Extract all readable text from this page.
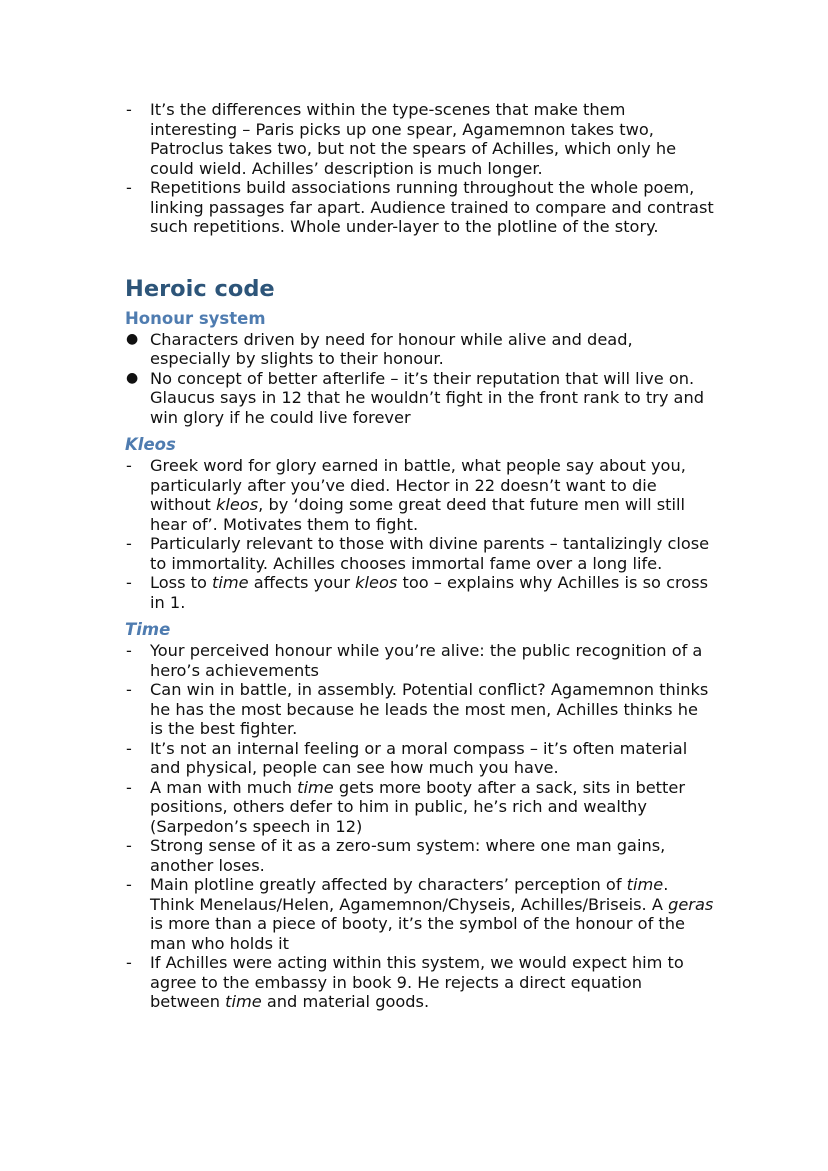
-	It’s the differences within the type-scenes that make them interesting – Paris picks up one spear, Agamemnon takes two, Patroclus takes two, but not the spears of Achilles, which only he could wield. Achilles’ description is much longer.
-	Repetitions build associations running throughout the whole poem, linking passages far apart. Audience trained to compare and contrast such repetitions. Whole under-layer to the plotline of the story.
Heroic code
Honour system
● Characters driven by need for honour while alive and dead, especially by slights to their honour.
● No concept of better afterlife – it’s their reputation that will live on. Glaucus says in 12 that he wouldn’t fight in the front rank to try and win glory if he could live forever
Kleos
-	Greek word for glory earned in battle, what people say about you, particularly after you’ve died. Hector in 22 doesn’t want to die without kleos, by ‘doing some great deed that future men will still hear of’. Motivates them to fight.
-	Particularly relevant to those with divine parents – tantalizingly close to immortality. Achilles chooses immortal fame over a long life.
-	Loss to time affects your kleos too – explains why Achilles is so cross in 1.
Time
-	Your perceived honour while you’re alive: the public recognition of a hero’s achievements
-	Can win in battle, in assembly. Potential conflict? Agamemnon thinks he has the most because he leads the most men, Achilles thinks he is the best fighter.
-	It’s not an internal feeling or a moral compass – it’s often material and physical, people can see how much you have.
-	A man with much time gets more booty after a sack, sits in better positions, others defer to him in public, he’s rich and wealthy (Sarpedon’s speech in 12)
-	Strong sense of it as a zero-sum system: where one man gains, another loses.
-	Main plotline greatly affected by characters’ perception of time. Think Menelaus/Helen, Agamemnon/Chyseis, Achilles/Briseis. A geras is more than a piece of booty, it’s the symbol of the honour of the man who holds it
-	If Achilles were acting within this system, we would expect him to agree to the embassy in book 9. He rejects a direct equation between time and material goods.
